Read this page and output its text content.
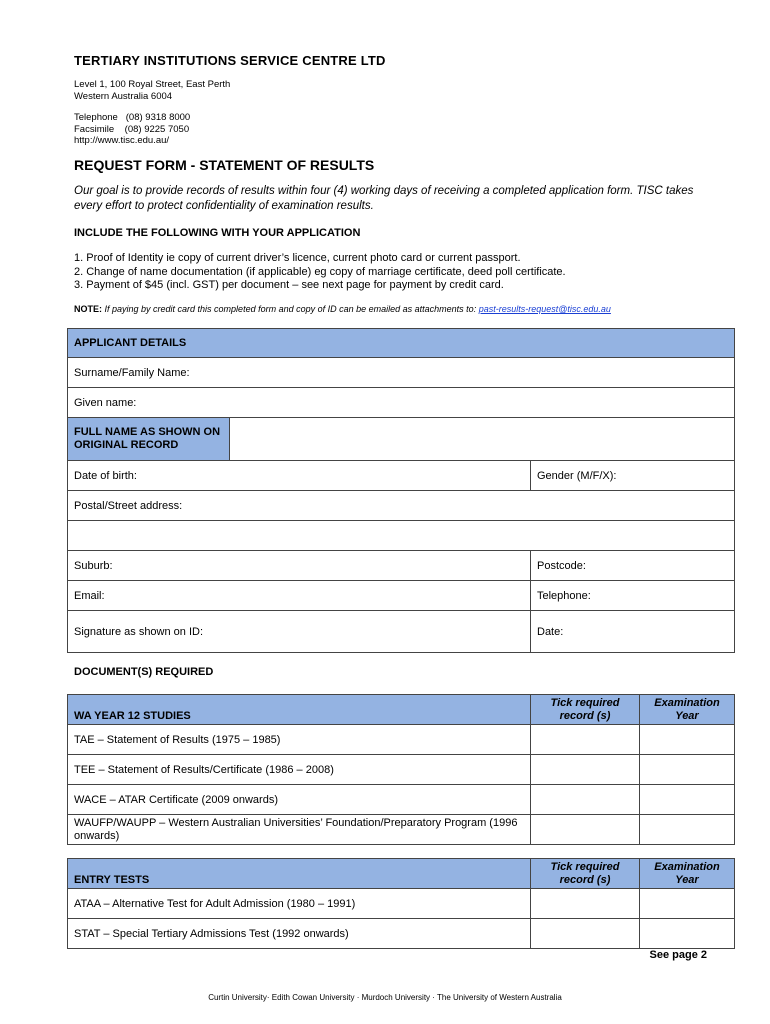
TERTIARY INSTITUTIONS SERVICE CENTRE LTD
Level 1, 100 Royal Street, East Perth
Western Australia 6004
Telephone   (08) 9318 8000
Facsimile    (08) 9225 7050
http://www.tisc.edu.au/
REQUEST FORM - STATEMENT OF RESULTS
Our goal is to provide records of results within four (4) working days of receiving a completed application form. TISC takes every effort to protect confidentiality of examination results.
INCLUDE THE FOLLOWING WITH YOUR APPLICATION
1. Proof of Identity ie copy of current driver’s licence, current photo card or current passport.
2. Change of name documentation (if applicable) eg copy of marriage certificate, deed poll certificate.
3. Payment of $45 (incl. GST) per document – see next page for payment by credit card.
NOTE: If paying by credit card this completed form and copy of ID can be emailed as attachments to: past-results-request@tisc.edu.au
APPLICANT DETAILS		
Surname/Family Name:		
Given name:		
FULL NAME AS SHOWN ON ORIGINAL RECORD		
Date of birth:		Gender (M/F/X):
Postal/Street address:		

Suburb:		Postcode:
Email:		Telephone:
Signature as shown on ID:		Date:
DOCUMENT(S) REQUIRED
WA YEAR 12 STUDIES	Tick required record (s)	Examination Year
TAE – Statement of Results (1975 – 1985)		
TEE – Statement of Results/Certificate (1986 – 2008)		
WACE – ATAR Certificate (2009 onwards)		
WAUFP/WAUPP – Western Australian Universities’ Foundation/Preparatory Program (1996 onwards)		
ENTRY TESTS	Tick required record (s)	Examination Year
ATAA – Alternative Test for Adult Admission (1980 – 1991)		
STAT – Special Tertiary Admissions Test (1992 onwards)		
See page 2
Curtin University· Edith Cowan University · Murdoch University · The University of Western Australia
